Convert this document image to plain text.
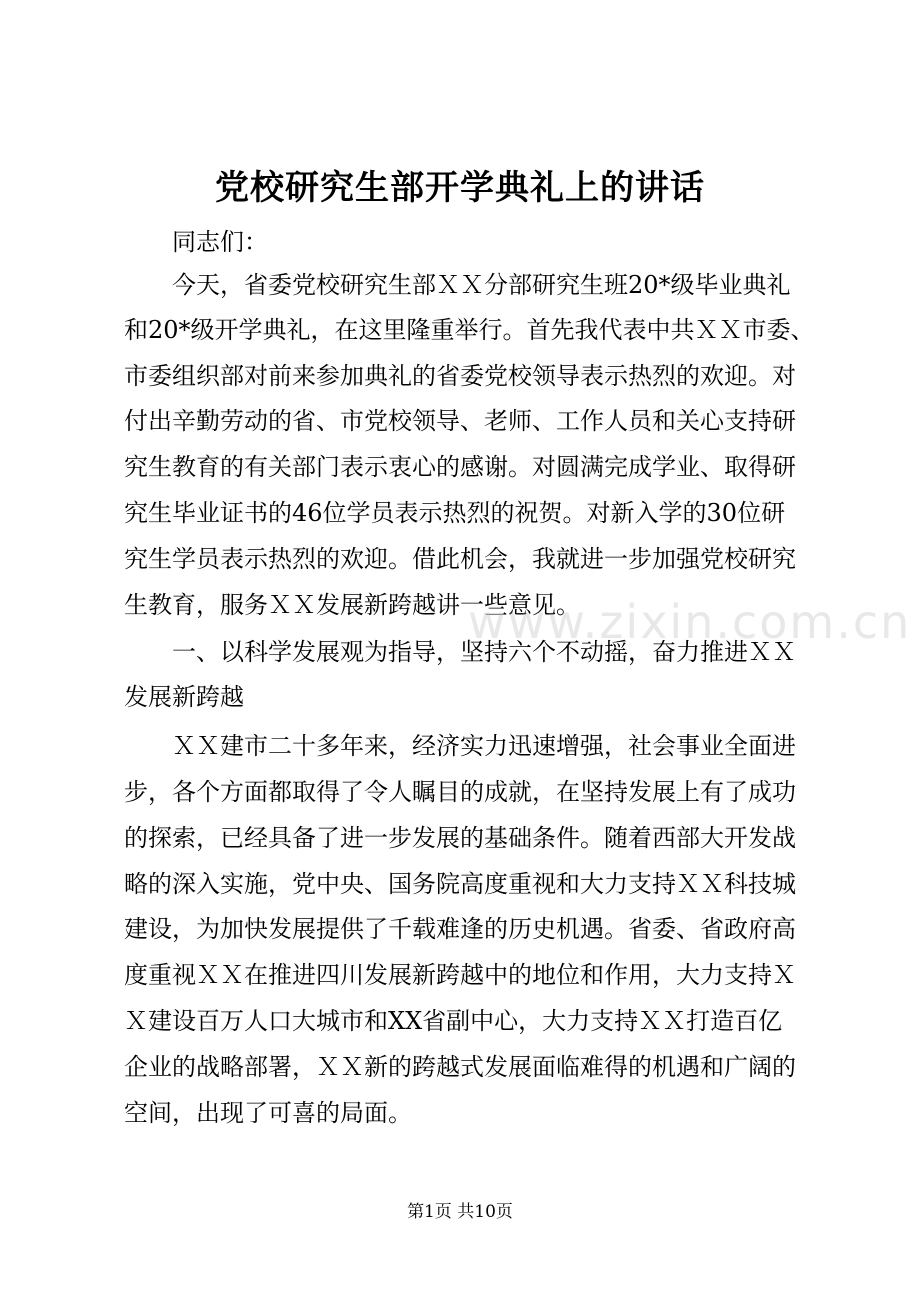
党校研究生部开学典礼上的讲话
同志们：
今天，省委党校研究生部ＸＸ分部研究生班20*级毕业典礼
和20*级开学典礼，在这里隆重举行。首先我代表中共ＸＸ市委、
市委组织部对前来参加典礼的省委党校领导表示热烈的欢迎。对
付出辛勤劳动的省、市党校领导、老师、工作人员和关心支持研
究生教育的有关部门表示衷心的感谢。对圆满完成学业、取得研
究生毕业证书的46位学员表示热烈的祝贺。对新入学的30位研
究生学员表示热烈的欢迎。借此机会，我就进一步加强党校研究
生教育，服务ＸＸ发展新跨越讲一些意见。
一、以科学发展观为指导，坚持六个不动摇，奋力推进ＸＸ
发展新跨越
ＸＸ建市二十多年来，经济实力迅速增强，社会事业全面进
步，各个方面都取得了令人瞩目的成就，在坚持发展上有了成功
的探索，已经具备了进一步发展的基础条件。随着西部大开发战
略的深入实施，党中央、国务院高度重视和大力支持ＸＸ科技城
建设，为加快发展提供了千载难逢的历史机遇。省委、省政府高
度重视ＸＸ在推进四川发展新跨越中的地位和作用，大力支持Ｘ
Ｘ建设百万人口大城市和XX省副中心，大力支持ＸＸ打造百亿
企业的战略部署，ＸＸ新的跨越式发展面临难得的机遇和广阔的
空间，出现了可喜的局面。
www.zixin.com.cn
第1页 共10页
